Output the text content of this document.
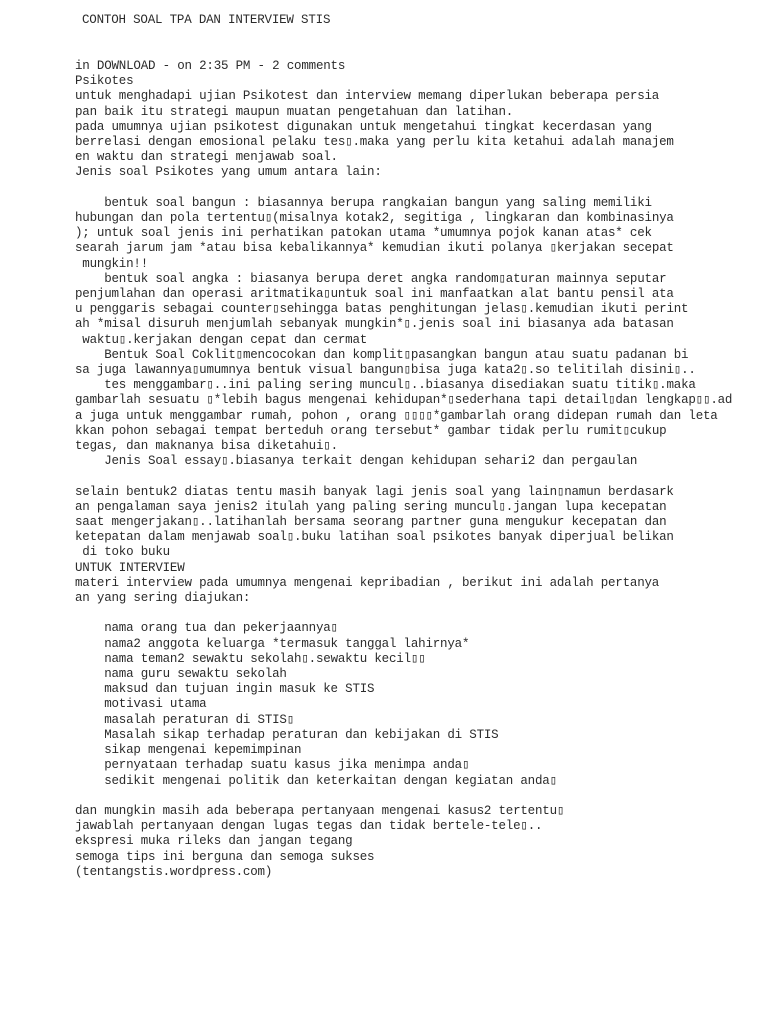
CONTOH SOAL TPA DAN INTERVIEW STIS
in DOWNLOAD - on 2:35 PM - 2 comments
Psikotes
untuk menghadapi ujian Psikotest dan interview memang diperlukan beberapa persia
pan baik itu strategi maupun muatan pengetahuan dan latihan.
pada umumnya ujian psikotest digunakan untuk mengetahui tingkat kecerdasan yang
berrelasi dengan emosional pelaku tes▯.maka yang perlu kita ketahui adalah manajem
en waktu dan strategi menjawab soal.
Jenis soal Psikotes yang umum antara lain:
bentuk soal bangun : biasannya berupa rangkaian bangun yang saling memiliki
hubungan dan pola tertentu▯(misalnya kotak2, segitiga , lingkaran dan kombinasinya
); untuk soal jenis ini perhatikan patokan utama *umumnya pojok kanan atas* cek
searah jarum jam *atau bisa kebalikannya* kemudian ikuti polanya ▯kerjakan secepat
mungkin!!
bentuk soal angka : biasanya berupa deret angka random▯aturan mainnya seputar
penjumlahan dan operasi aritmatika▯untuk soal ini manfaatkan alat bantu pensil ata
u penggaris sebagai counter▯sehingga batas penghitungan jelas▯.kemudian ikuti perint
ah *misal disuruh menjumlah sebanyak mungkin*▯.jenis soal ini biasanya ada batasan
waktu▯.kerjakan dengan cepat dan cermat
Bentuk Soal Coklit▯mencocokan dan komplit▯pasangkan bangun atau suatu padanan bi
sa juga lawannya▯umumnya bentuk visual bangun▯bisa juga kata2▯.so telitilah disini▯..
tes menggambar▯..ini paling sering muncul▯..biasanya disediakan suatu titik▯.maka
gambarlah sesuatu ▯*lebih bagus mengenai kehidupan*▯sederhana tapi detail▯dan lengkap▯▯.ad
a juga untuk menggambar rumah, pohon , orang ▯▯▯▯*gambarlah orang didepan rumah dan leta
kkan pohon sebagai tempat berteduh orang tersebut* gambar tidak perlu rumit▯cukup
tegas, dan maknanya bisa diketahui▯.
Jenis Soal essay▯.biasanya terkait dengan kehidupan sehari2 dan pergaulan
selain bentuk2 diatas tentu masih banyak lagi jenis soal yang lain▯namun berdasark
an pengalaman saya jenis2 itulah yang paling sering muncul▯.jangan lupa kecepatan
saat mengerjakan▯..latihanlah bersama seorang partner guna mengukur kecepatan dan
ketepatan dalam menjawab soal▯.buku latihan soal psikotes banyak diperjual belikan
di toko buku
UNTUK INTERVIEW
materi interview pada umumnya mengenai kepribadian , berikut ini adalah pertanya
an yang sering diajukan:
nama orang tua dan pekerjaannya▯
nama2 anggota keluarga *termasuk tanggal lahirnya*
nama teman2 sewaktu sekolah▯.sewaktu kecil▯▯
nama guru sewaktu sekolah
maksud dan tujuan ingin masuk ke STIS
motivasi utama
masalah peraturan di STIS▯
Masalah sikap terhadap peraturan dan kebijakan di STIS
sikap mengenai kepemimpinan
pernyataan terhadap suatu kasus jika menimpa anda▯
sedikit mengenai politik dan keterkaitan dengan kegiatan anda▯
dan mungkin masih ada beberapa pertanyaan mengenai kasus2 tertentu▯
jawablah pertanyaan dengan lugas tegas dan tidak bertele-tele▯..
ekspresi muka rileks dan jangan tegang
semoga tips ini berguna dan semoga sukses
(tentangstis.wordpress.com)
